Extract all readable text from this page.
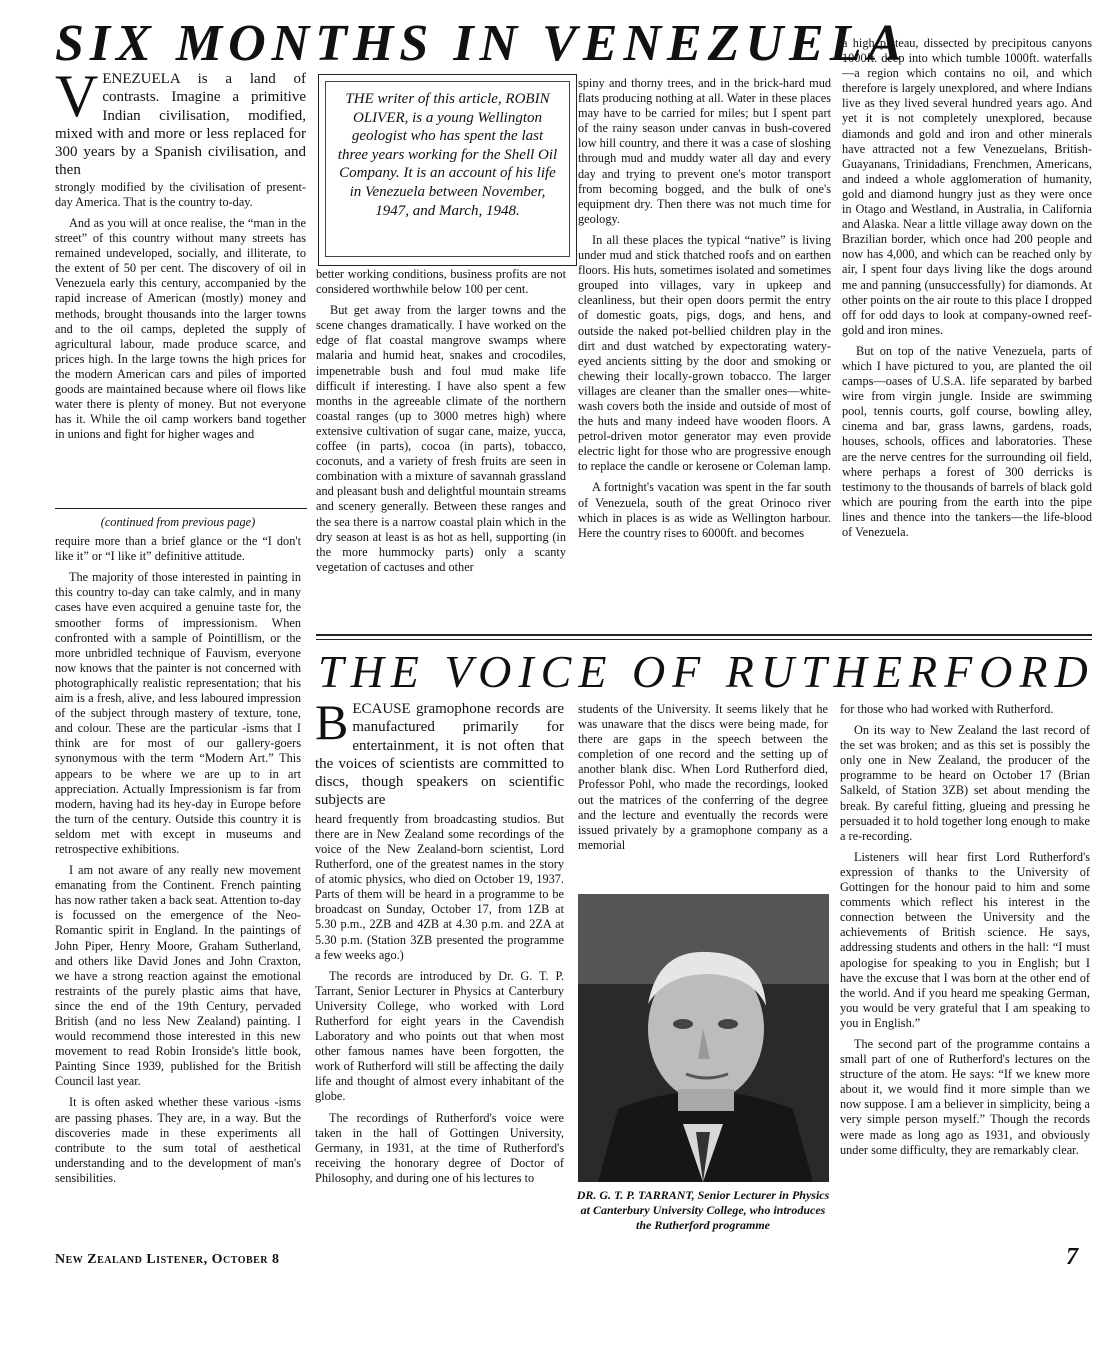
SIX MONTHS IN VENEZUELA
VENEZUELA is a land of contrasts. Imagine a primitive Indian civilisation, modified, mixed with and more or less replaced for 300 years by a Spanish civilisation, and then

strongly modified by the civilisation of present-day America. That is the country to-day.

And as you will at once realise, the “man in the street” of this country without many streets has remained undeveloped, socially, and illiterate, to the extent of 50 per cent. The discovery of oil in Venezuela early this century, accompanied by the rapid increase of American (mostly) money and methods, brought thousands into the larger towns and to the oil camps, depleted the supply of agricultural labour, made produce scarce, and prices high. In the large towns the high prices for the modern American cars and piles of imported goods are maintained because where oil flows like water there is plenty of money. But not everyone has it. While the oil camp workers band together in unions and fight for higher wages and

THE writer of this article, ROBIN OLIVER, is a young Wellington geologist who has spent the last three years working for the Shell Oil Company. It is an account of his life in Venezuela between November, 1947, and March, 1948.

better working conditions, business profits are not considered worthwhile below 100 per cent.

But get away from the larger towns and the scene changes dramatically. I have worked on the edge of flat coastal mangrove swamps where malaria and humid heat, snakes and crocodiles, impenetrable bush and foul mud make life difficult if interesting. I have also spent a few months in the agreeable climate of the northern coastal ranges (up to 3000 metres high) where extensive cultivation of sugar cane, maize, yucca, coffee (in parts), cocoa (in parts), tobacco, coconuts, and a variety of fresh fruits are seen in combination with a mixture of savannah grassland and pleasant bush and delightful mountain streams and scenery generally. Between these ranges and the sea there is a narrow coastal plain which in the dry season at least is as hot as hell, supporting (in the more hummocky parts) only a scanty vegetation of cactuses and other

spiny and thorny trees, and in the brick-hard mud flats producing nothing at all. Water in these places may have to be carried for miles; but I spent part of the rainy season under canvas in bush-covered low hill country, and there it was a case of sloshing through mud and muddy water all day and every day and trying to prevent one's motor transport from becoming bogged, and the bulk of one's equipment dry. Then there was not much time for geology.

In all these places the typical “native” is living under mud and stick thatched roofs and on earthen floors. His huts, sometimes isolated and sometimes grouped into villages, vary in upkeep and cleanliness, but their open doors permit the entry of domestic goats, pigs, dogs, and hens, and outside the naked pot-bellied children play in the dirt and dust watched by expectorating watery-eyed ancients sitting by the door and smoking or chewing their locally-grown tobacco. The larger villages are cleaner than the smaller ones—white-wash covers both the inside and outside of most of the huts and many indeed have wooden floors. A petrol-driven motor generator may even provide electric light for those who are progressive enough to replace the candle or kerosene or Coleman lamp.

A fortnight's vacation was spent in the far south of Venezuela, south of the great Orinoco river which in places is as wide as Wellington harbour. Here the country rises to 6000ft. and becomes

a high plateau, dissected by precipitous canyons 1000ft. deep into which tumble 1000ft. waterfalls—a region which contains no oil, and which therefore is largely unexplored, and where Indians live as they lived several hundred years ago. And yet it is not completely unexplored, because diamonds and gold and iron and other minerals have attracted not a few Venezuelans, British-Guayanans, Trinidadians, Frenchmen, Americans, and indeed a whole agglomeration of humanity, gold and diamond hungry just as they were once in Otago and Westland, in Australia, in California and Alaska. Near a little village away down on the Brazilian border, which once had 200 people and now has 4,000, and which can be reached only by air, I spent four days living like the dogs around me and panning (unsuccessfully) for diamonds. At other points on the air route to this place I dropped off for odd days to look at company-owned reef-gold and iron mines.

But on top of the native Venezuela, parts of which I have pictured to you, are planted the oil camps—oases of U.S.A. life separated by barbed wire from virgin jungle. Inside are swimming pool, tennis courts, golf course, bowling alley, cinema and bar, grass lawns, gardens, roads, houses, schools, offices and laboratories. These are the nerve centres for the surrounding oil field, where perhaps a forest of 300 derricks is testimony to the thousands of barrels of black gold which are pouring from the earth into the pipe lines and thence into the tankers—the life-blood of Venezuela.

(continued from previous page)

require more than a brief glance or the “I don't like it” or “I like it” definitive attitude.

The majority of those interested in painting in this country to-day can take calmly, and in many cases have even acquired a genuine taste for, the smoother forms of impressionism. When confronted with a sample of Pointillism, or the more unbridled technique of Fauvism, everyone now knows that the painter is not concerned with photographically realistic representation; that his aim is a fresh, alive, and less laboured impression of the subject through mastery of texture, tone, and colour. These are the particular -isms that I think are for most of our gallery-goers synonymous with the term “Modern Art.” This appears to be where we are up to in art appreciation. Actually Impressionism is far from modern, having had its hey-day in Europe before the turn of the century. Outside this country it is seldom met with except in museums and retrospective exhibitions.

I am not aware of any really new movement emanating from the Continent. French painting has now rather taken a back seat. Attention to-day is focussed on the emergence of the Neo-Romantic spirit in England. In the paintings of John Piper, Henry Moore, Graham Sutherland, and others like David Jones and John Craxton, we have a strong reaction against the emotional restraints of the purely plastic aims that have, since the end of the 19th Century, pervaded British (and no less New Zealand) painting. I would recommend those interested in this new movement to read Robin Ironside's little book, Painting Since 1939, published for the British Council last year.

It is often asked whether these various -isms are passing phases. They are, in a way. But the discoveries made in these experiments all contribute to the sum total of aesthetical understanding and to the development of man's sensibilities.

THE VOICE OF RUTHERFORD
BECAUSE gramophone records are manufactured primarily for entertainment, it is not often that the voices of scientists are committed to discs, though speakers on scientific subjects are

heard frequently from broadcasting studios. But there are in New Zealand some recordings of the voice of the New Zealand-born scientist, Lord Rutherford, one of the greatest names in the story of atomic physics, who died on October 19, 1937. Parts of them will be heard in a programme to be broadcast on Sunday, October 17, from 1ZB at 5.30 p.m., 2ZB and 4ZB at 4.30 p.m. and 2ZA at 5.30 p.m. (Station 3ZB presented the programme a few weeks ago.)

The records are introduced by Dr. G. T. P. Tarrant, Senior Lecturer in Physics at Canterbury University College, who worked with Lord Rutherford for eight years in the Cavendish Laboratory and who points out that when most other famous names have been forgotten, the work of Rutherford will still be affecting the daily life and thought of almost every inhabitant of the globe.

The recordings of Rutherford's voice were taken in the hall of Gottingen University, Germany, in 1931, at the time of Rutherford's receiving the honorary degree of Doctor of Philosophy, and during one of his lectures to

students of the University. It seems likely that he was unaware that the discs were being made, for there are gaps in the speech between the completion of one record and the setting up of another blank disc. When Lord Rutherford died, Professor Pohl, who made the recordings, looked out the matrices of the conferring of the degree and the lecture and eventually the records were issued privately by a gramophone company as a memorial

DR. G. T. P. TARRANT, Senior Lecturer in Physics at Canterbury University College, who introduces the Rutherford programme

for those who had worked with Rutherford.

On its way to New Zealand the last record of the set was broken; and as this set is possibly the only one in New Zealand, the producer of the programme to be heard on October 17 (Brian Salkeld, of Station 3ZB) set about mending the break. By careful fitting, glueing and pressing he persuaded it to hold together long enough to make a re-recording.

Listeners will hear first Lord Rutherford's expression of thanks to the University of Gottingen for the honour paid to him and some comments which reflect his interest in the connection between the University and the achievements of British science. He says, addressing students and others in the hall: “I must apologise for speaking to you in English; but I have the excuse that I was born at the other end of the world. And if you heard me speaking German, you would be very grateful that I am speaking to you in English.”

The second part of the programme contains a small part of one of Rutherford's lectures on the structure of the atom. He says: “If we knew more about it, we would find it more simple than we now suppose. I am a believer in simplicity, being a very simple person myself.” Though the records were made as long ago as 1931, and obviously under some difficulty, they are remarkably clear.

New Zealand Listener, October 8	7
